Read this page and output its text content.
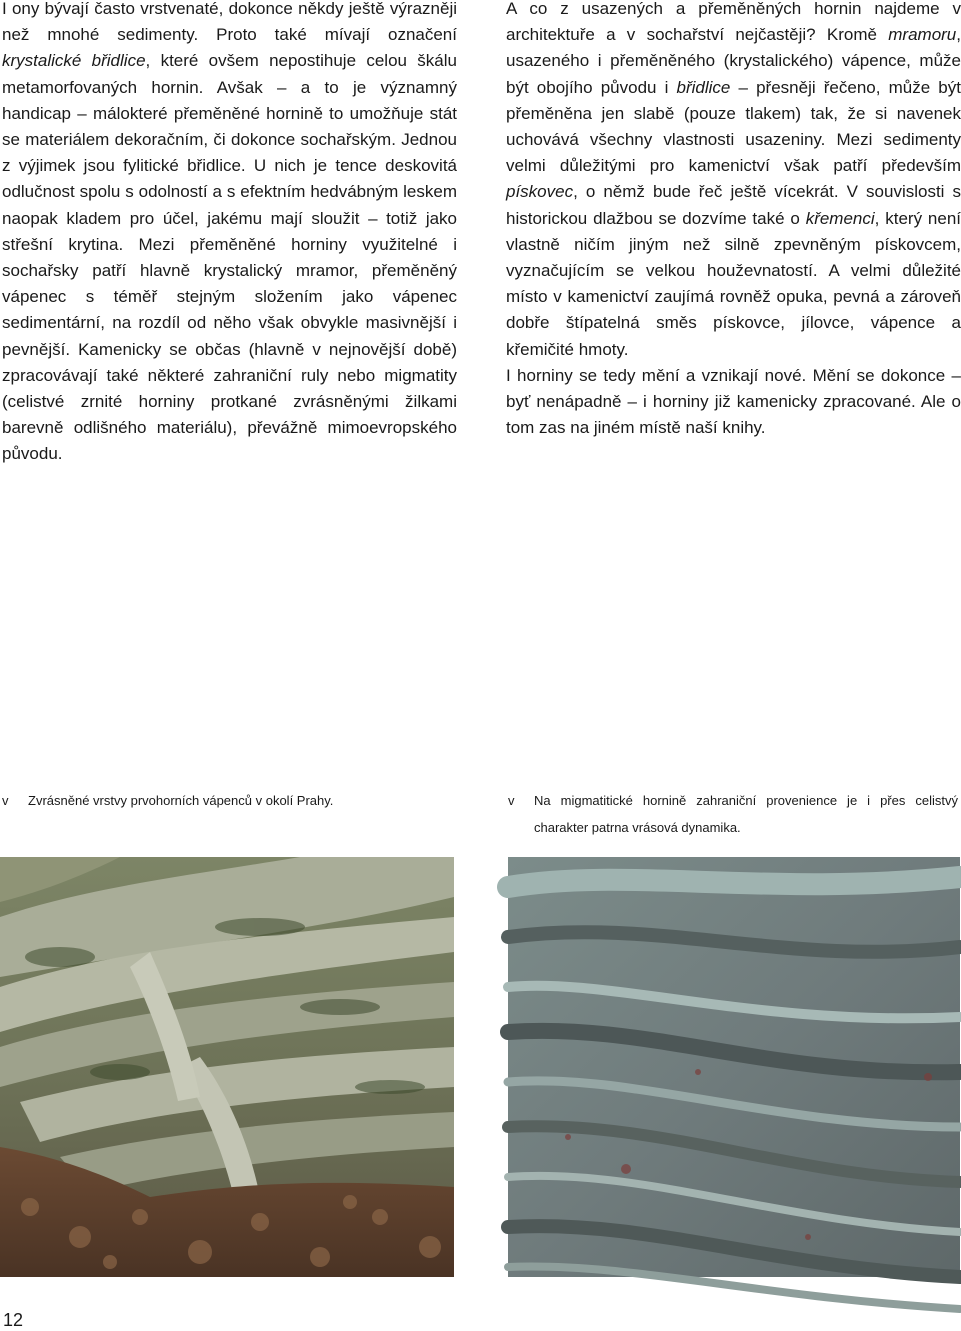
I ony bývají často vrstvenaté, dokonce někdy ještě výrazněji než mnohé sedimenty. Proto také mívají označení krystalické břidlice, které ovšem nepostihuje celou škálu metamorfovaných hornin. Avšak – a to je významný handicap – málokteré přeměněné hornině to umožňuje stát se materiálem dekoračním, či dokonce sochařským. Jednou z výjimek jsou fylitické břidlice. U nich je tence deskovitá odlučnost spolu s odolností a s efektním hedvábným leskem naopak kladem pro účel, jakému mají sloužit – totiž jako střešní krytina. Mezi přeměněné horniny využitelné i sochařsky patří hlavně krystalický mramor, přeměněný vápenec s téměř stejným složením jako vápenec sedimentární, na rozdíl od něho však obvykle masivnější i pevnější. Kamenicky se občas (hlavně v nejnovější době) zpracovávají také některé zahraniční ruly nebo migmatity (celistvé zrnité horniny protkané zvrásněnými žilkami barevně odlišného materiálu), převážně mimoevropského původu.

A co z usazených a přeměněných hornin najdeme v architektuře a v sochařství nejčastěji? Kromě mramoru, usazeného i přeměněného (krystalického) vápence, může být obojího původu i břidlice – přesněji řečeno, může být přeměněna jen slabě (pouze tlakem) tak, že si navenek uchovává všechny vlastnosti usazeniny. Mezi sedimenty velmi důležitými pro kamenictví však patří především pískovec, o němž bude řeč ještě vícekrát. V souvislosti s historickou dlažbou se dozvíme také o křemenci, který není vlastně ničím jiným než silně zpevněným pískovcem, vyznačujícím se velkou houževnatostí. A velmi důležité místo v kamenictví zaujímá rovněž opuka, pevná a zároveň dobře štípatelná směs pískovce, jílovce, vápence a křemičité hmoty.

I horniny se tedy mění a vznikají nové. Mění se dokonce – byť nenápadně – i horniny již kamenicky zpracované. Ale o tom zas na jiném místě naší knihy.

v	Zvrásněné vrstvy prvohorních vápenců v okolí Prahy.	v	Na migmatitické hornině zahraniční provenience je i přes celistvý charakter patrna vrásová dynamika.
12
